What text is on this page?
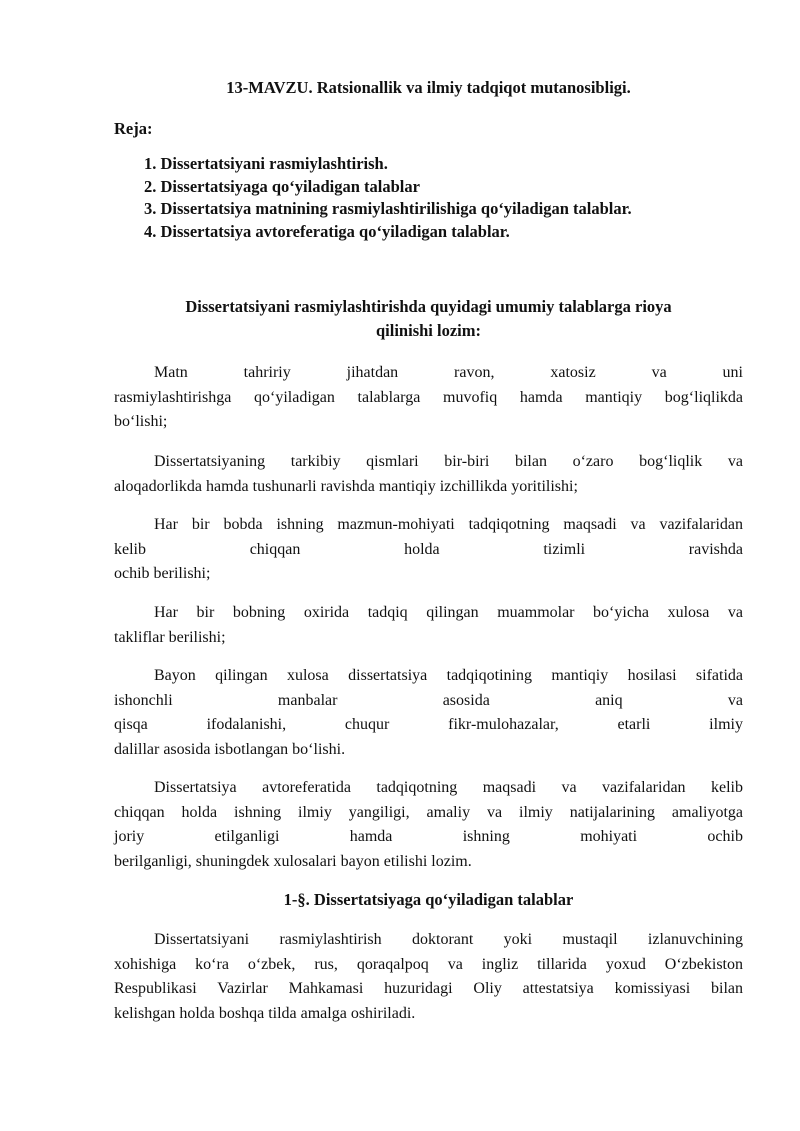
13-MAVZU. Ratsionallik va ilmiy tadqiqot mutanosibligi.

Reja:

1. Dissertatsiyani rasmiylashtirish.
2. Dissertatsiyaga qo‘yiladigan talablar
3. Dissertatsiya matnining rasmiylashtirilishiga qo‘yiladigan talablar.
4. Dissertatsiya avtoreferatiga qo‘yiladigan talablar.
Dissertatsiyani rasmiylashtirishda quyidagi umumiy talablarga rioya
qilinishi lozim:
Matn	tahririy	jihatdan	ravon,	xatosiz	va	uni
rasmiylashtirishga qo‘yiladigan talablarga muvofiq hamda mantiqiy bog‘liqlikda
bo‘lishi;
Dissertatsiyaning tarkibiy qismlari bir-biri bilan o‘zaro bog‘liqlik va
aloqadorlikda hamda tushunarli ravishda mantiqiy izchillikda yoritilishi;
Har bir bobda ishning mazmun-mohiyati tadqiqotning maqsadi va vazifalaridan
kelib	chiqqan	holda	tizimli	ravishda
ochib berilishi;
Har bir bobning oxirida tadqiq qilingan muammolar bo‘yicha xulosa va
takliflar berilishi;
Bayon qilingan xulosa dissertatsiya tadqiqotining mantiqiy hosilasi sifatida
ishonchli	manbalar	asosida	aniq	va
qisqa	ifodalanishi,	chuqur	fikr-mulohazalar,	etarli	ilmiy
dalillar asosida isbotlangan bo‘lishi.
Dissertatsiya avtoreferatida tadqiqotning maqsadi va vazifalaridan kelib
chiqqan holda ishning ilmiy yangiligi, amaliy va ilmiy natijalarining amaliyotga
joriy	etilganligi	hamda	ishning	mohiyati	ochib
berilganligi, shuningdek xulosalari bayon etilishi lozim.

1-§. Dissertatsiyaga qo‘yiladigan talablar

Dissertatsiyani rasmiylashtirish doktorant yoki mustaqil izlanuvchining
xohishiga ko‘ra o‘zbek, rus, qoraqalpoq va ingliz tillarida yoxud O‘zbekiston
Respublikasi Vazirlar Mahkamasi huzuridagi Oliy attestatsiya komissiyasi bilan
kelishgan holda boshqa tilda amalga oshiriladi.
